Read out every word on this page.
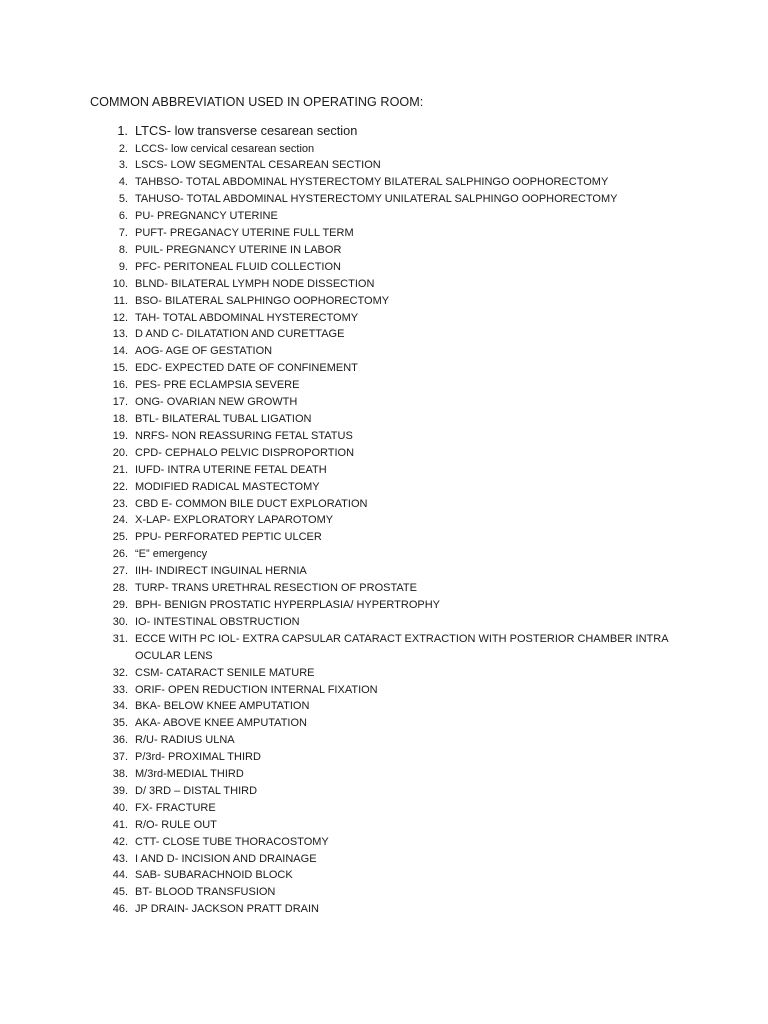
COMMON ABBREVIATION USED IN OPERATING ROOM:
1. LTCS- low transverse cesarean section
2. LCCS- low cervical cesarean section
3. LSCS- LOW SEGMENTAL CESAREAN SECTION
4. TAHBSO- TOTAL ABDOMINAL HYSTERECTOMY BILATERAL SALPHINGO OOPHORECTOMY
5. TAHUSO- TOTAL ABDOMINAL HYSTERECTOMY UNILATERAL SALPHINGO OOPHORECTOMY
6. PU- PREGNANCY UTERINE
7. PUFT- PREGANACY UTERINE FULL TERM
8. PUIL- PREGNANCY UTERINE IN LABOR
9. PFC- PERITONEAL FLUID COLLECTION
10. BLND- BILATERAL LYMPH NODE DISSECTION
11. BSO- BILATERAL SALPHINGO OOPHORECTOMY
12. TAH- TOTAL ABDOMINAL HYSTERECTOMY
13. D AND C- DILATATION AND CURETTAGE
14. AOG- AGE OF GESTATION
15. EDC- EXPECTED DATE OF CONFINEMENT
16. PES- PRE ECLAMPSIA SEVERE
17. ONG- OVARIAN NEW GROWTH
18. BTL- BILATERAL TUBAL LIGATION
19. NRFS- NON REASSURING FETAL STATUS
20. CPD- CEPHALO PELVIC DISPROPORTION
21. IUFD- INTRA UTERINE FETAL DEATH
22. MODIFIED RADICAL MASTECTOMY
23. CBD E- COMMON BILE DUCT EXPLORATION
24. X-LAP- EXPLORATORY LAPAROTOMY
25. PPU- PERFORATED PEPTIC ULCER
26. “E” emergency
27. IIH- INDIRECT INGUINAL HERNIA
28. TURP- TRANS URETHRAL RESECTION OF PROSTATE
29. BPH- BENIGN PROSTATIC HYPERPLASIA/ HYPERTROPHY
30. IO- INTESTINAL OBSTRUCTION
31. ECCE WITH PC IOL- EXTRA CAPSULAR CATARACT EXTRACTION WITH POSTERIOR CHAMBER INTRA OCULAR LENS
32. CSM- CATARACT SENILE MATURE
33. ORIF- OPEN REDUCTION INTERNAL FIXATION
34. BKA- BELOW KNEE AMPUTATION
35. AKA- ABOVE KNEE AMPUTATION
36. R/U- RADIUS ULNA
37. P/3rd- PROXIMAL THIRD
38. M/3rd-MEDIAL THIRD
39. D/ 3RD – DISTAL THIRD
40. FX- FRACTURE
41. R/O- RULE OUT
42. CTT- CLOSE TUBE THORACOSTOMY
43. I AND D- INCISION AND DRAINAGE
44. SAB- SUBARACHNOID BLOCK
45. BT- BLOOD TRANSFUSION
46. JP DRAIN- JACKSON PRATT DRAIN
